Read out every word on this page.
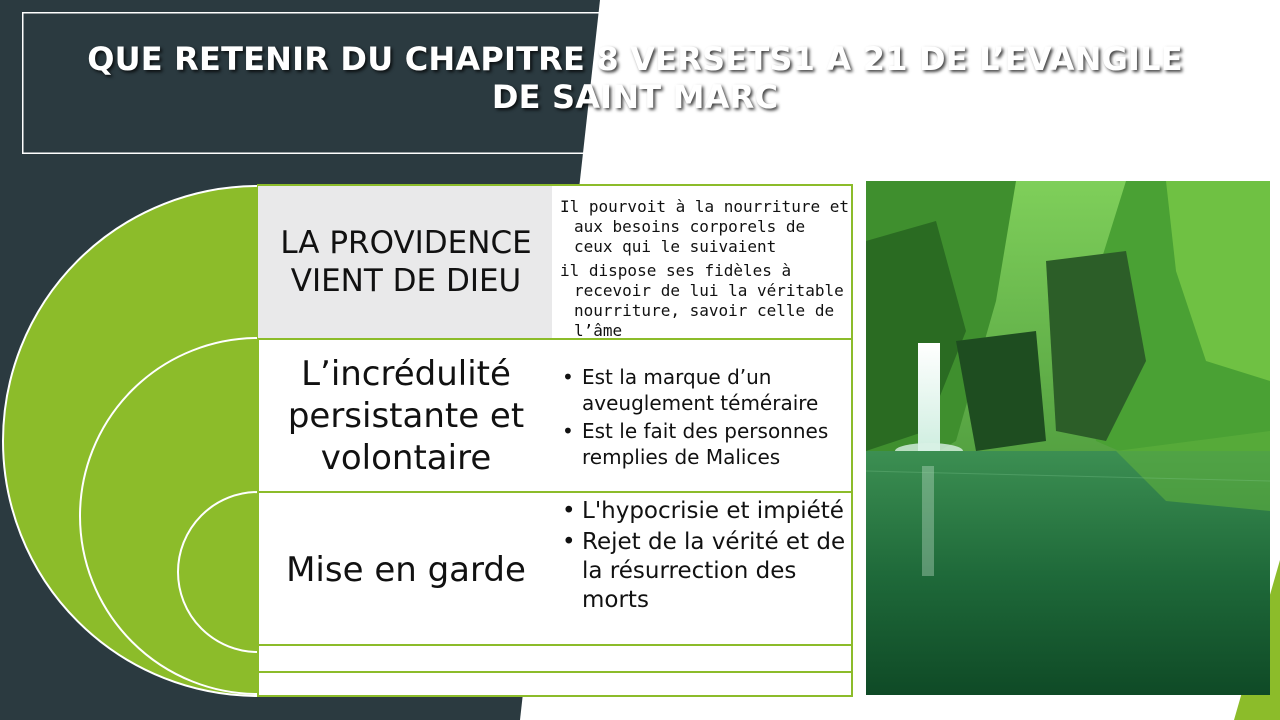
QUE RETENIR DU CHAPITRE 8 VERSETS1 A 21 DE L’EVANGILE DE SAINT MARC
LA PROVIDENCE VIENT DE DIEU
Il pourvoit à la nourriture et aux besoins corporels de ceux qui le suivaient
il dispose ses fidèles à recevoir de lui la véritable nourriture, savoir celle de l’âme
L’incrédulité persistante et volontaire
• Est la marque d’un aveuglement téméraire
• Est le fait des personnes remplies de Malices
Mise en garde
• L'hypocrisie et impiété
• Rejet de la vérité et de la résurrection des morts
